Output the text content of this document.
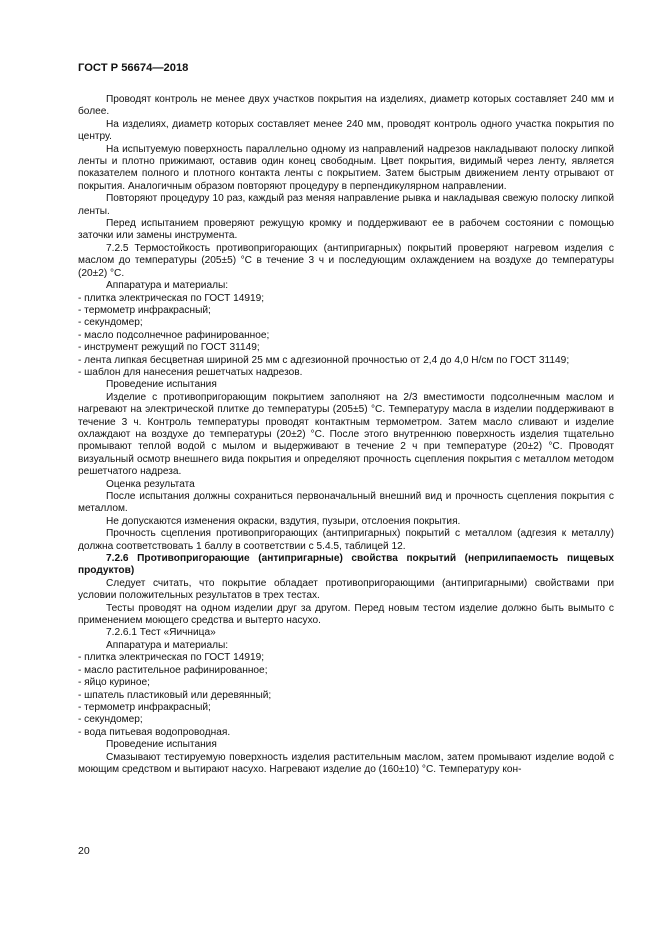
ГОСТ Р 56674—2018

Проводят контроль не менее двух участков покрытия на изделиях, диаметр которых составляет 240 мм и более.

На изделиях, диаметр которых составляет менее 240 мм, проводят контроль одного участка покрытия по центру.

На испытуемую поверхность параллельно одному из направлений надрезов накладывают полоску липкой ленты и плотно прижимают, оставив один конец свободным. Цвет покрытия, видимый через ленту, является показателем полного и плотного контакта ленты с покрытием. Затем быстрым движением ленту отрывают от покрытия. Аналогичным образом повторяют процедуру в перпендикулярном направлении.

Повторяют процедуру 10 раз, каждый раз меняя направление рывка и накладывая свежую полоску липкой ленты.

Перед испытанием проверяют режущую кромку и поддерживают ее в рабочем состоянии с помощью заточки или замены инструмента.

7.2.5 Термостойкость противопригорающих (антипригарных) покрытий проверяют нагревом изделия с маслом до температуры (205±5) °С в течение 3 ч и последующим охлаждением на воздухе до температуры (20±2) °С.

Аппаратура и материалы:

- плитка электрическая по ГОСТ 14919;

- термометр инфракрасный;

- секундомер;

- масло подсолнечное рафинированное;

- инструмент режущий по ГОСТ 31149;

- лента липкая бесцветная шириной 25 мм с адгезионной прочностью от 2,4 до 4,0 Н/см по ГОСТ 31149;

- шаблон для нанесения решетчатых надрезов.

Проведение испытания

Изделие с противопригорающим покрытием заполняют на 2/3 вместимости подсолнечным маслом и нагревают на электрической плитке до температуры (205±5) °С. Температуру масла в изделии поддерживают в течение 3 ч. Контроль температуры проводят контактным термометром. Затем масло сливают и изделие охлаждают на воздухе до температуры (20±2) °С. После этого внутреннюю поверхность изделия тщательно промывают теплой водой с мылом и выдерживают в течение 2 ч при температуре (20±2) °С. Проводят визуальный осмотр внешнего вида покрытия и определяют прочность сцепления покрытия с металлом методом решетчатого надреза.

Оценка результата

После испытания должны сохраниться первоначальный внешний вид и прочность сцепления покрытия с металлом.

Не допускаются изменения окраски, вздутия, пузыри, отслоения покрытия.

Прочность сцепления противопригорающих (антипригарных) покрытий с металлом (адгезия к металлу) должна соответствовать 1 баллу в соответствии с 5.4.5, таблицей 12.

7.2.6 Противопригорающие (антипригарные) свойства покрытий (неприлипаемость пищевых продуктов)

Следует считать, что покрытие обладает противопригорающими (антипригарными) свойствами при условии положительных результатов в трех тестах.

Тесты проводят на одном изделии друг за другом. Перед новым тестом изделие должно быть вымыто с применением моющего средства и вытерто насухо.

7.2.6.1 Тест «Яичница»

Аппаратура и материалы:

- плитка электрическая по ГОСТ 14919;

- масло растительное рафинированное;

- яйцо куриное;

- шпатель пластиковый или деревянный;

- термометр инфракрасный;

- секундомер;

- вода питьевая водопроводная.

Проведение испытания

Смазывают тестируемую поверхность изделия растительным маслом, затем промывают изделие водой с моющим средством и вытирают насухо. Нагревают изделие до (160±10) °С. Температуру кон-

20
